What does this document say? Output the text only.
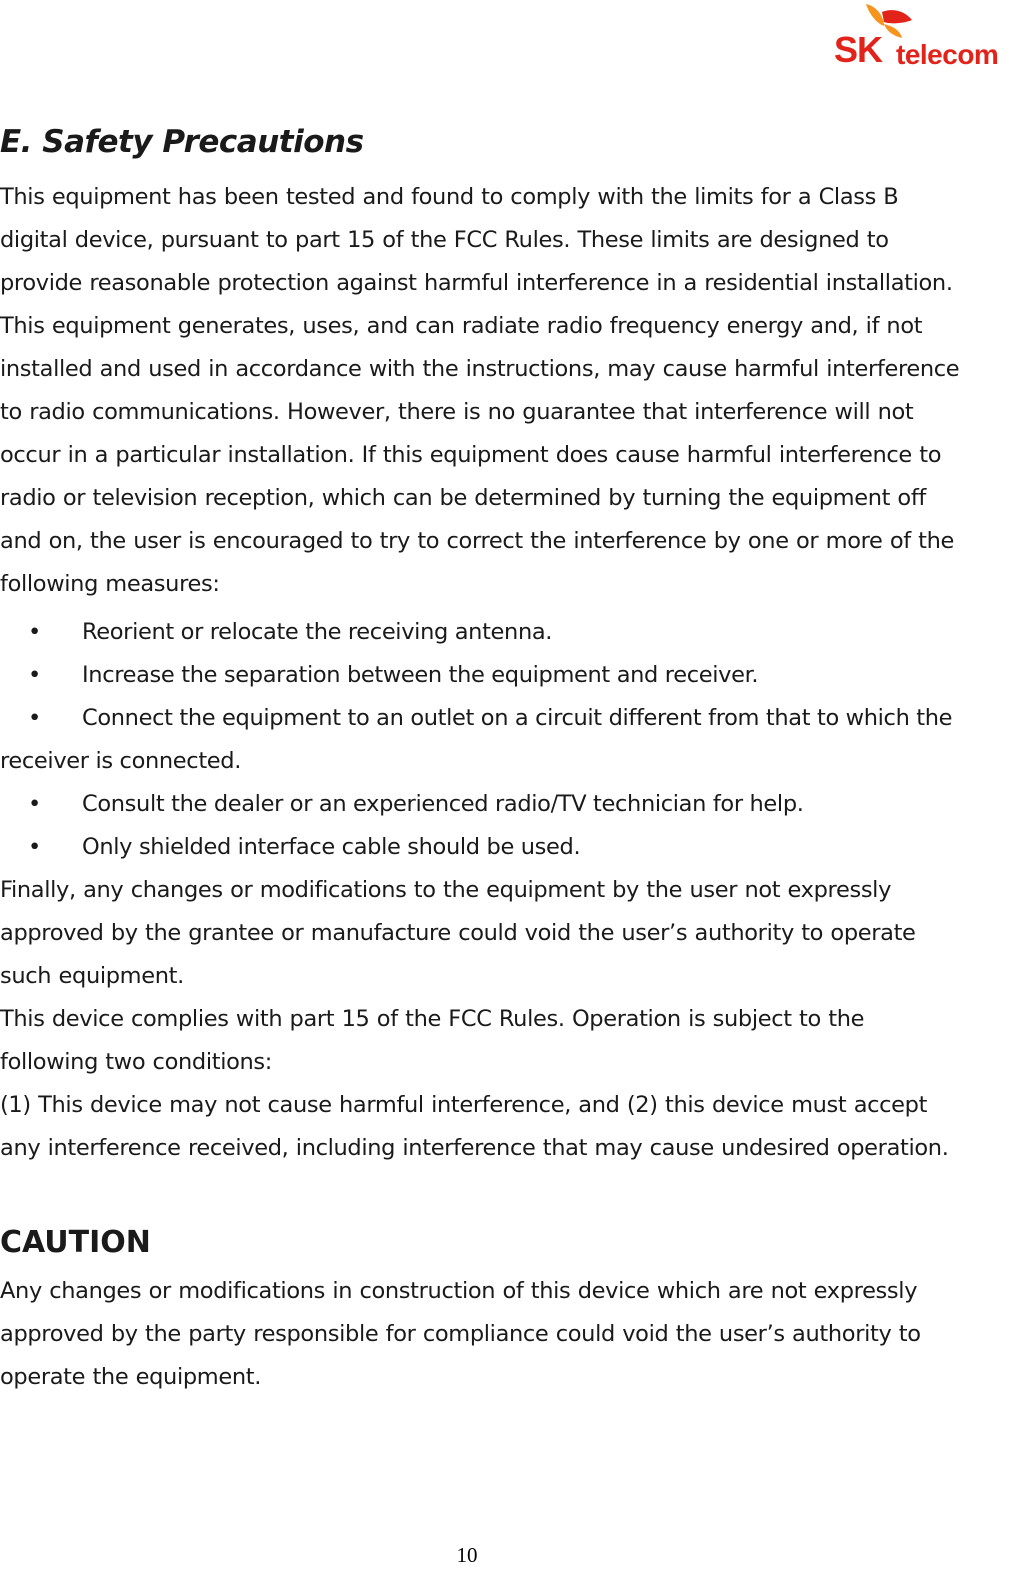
SK telecom
E. Safety Precautions

This equipment has been tested and found to comply with the limits for a Class B digital device, pursuant to part 15 of the FCC Rules. These limits are designed to provide reasonable protection against harmful interference in a residential installation. This equipment generates, uses, and can radiate radio frequency energy and, if not installed and used in accordance with the instructions, may cause harmful interference to radio communications. However, there is no guarantee that interference will not occur in a particular installation. If this equipment does cause harmful interference to radio or television reception, which can be determined by turning the equipment off and on, the user is encouraged to try to correct the interference by one or more of the following measures:

•	Reorient or relocate the receiving antenna.
•	Increase the separation between the equipment and receiver.
•	Connect the equipment to an outlet on a circuit different from that to which the receiver is connected.
•	Consult the dealer or an experienced radio/TV technician for help.
•	Only shielded interface cable should be used.

Finally, any changes or modifications to the equipment by the user not expressly approved by the grantee or manufacture could void the user’s authority to operate such equipment.

This device complies with part 15 of the FCC Rules. Operation is subject to the following two conditions:

(1) This device may not cause harmful interference, and (2) this device must accept any interference received, including interference that may cause undesired operation.

CAUTION

Any changes or modifications in construction of this device which are not expressly approved by the party responsible for compliance could void the user’s authority to operate the equipment.

10
